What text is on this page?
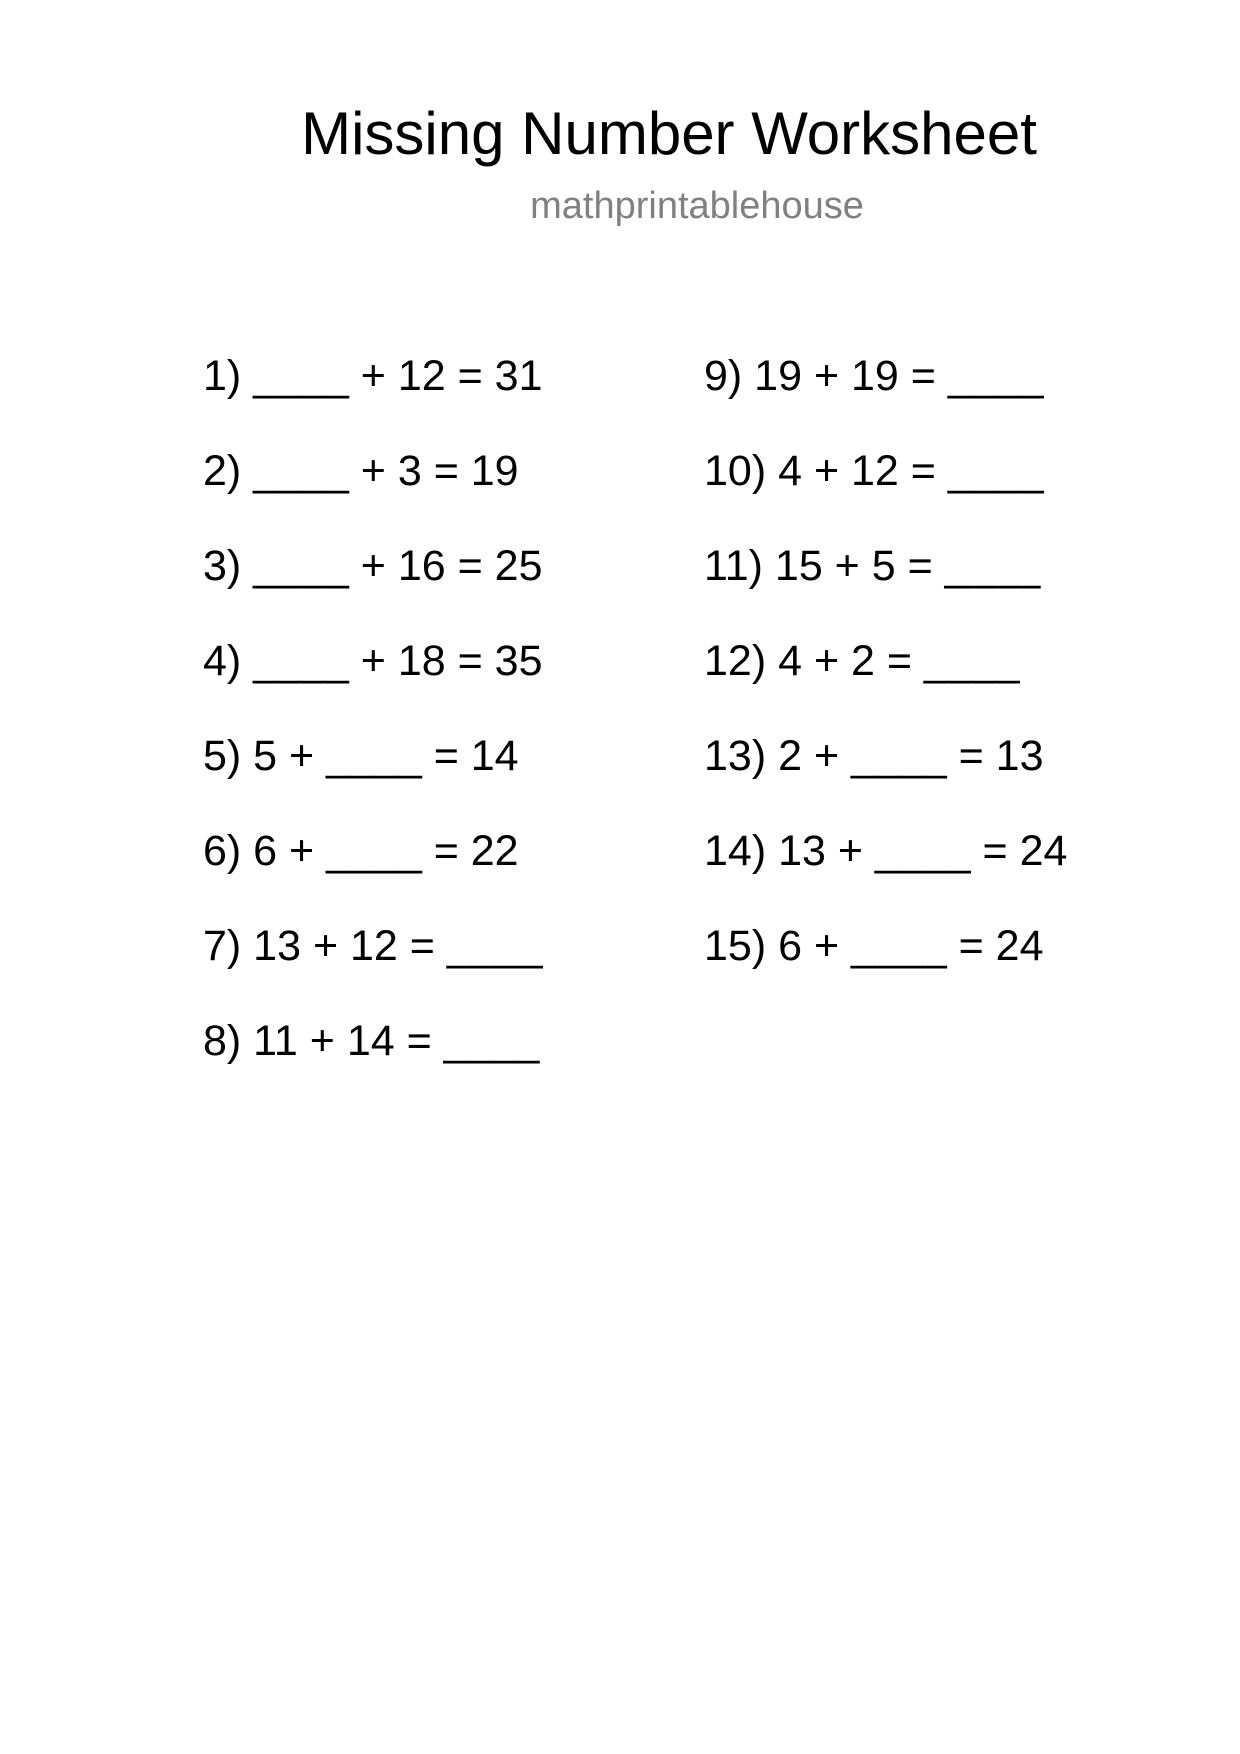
Missing Number Worksheet
mathprintablehouse
1) ____ + 12 = 31
2) ____ + 3 = 19
3) ____ + 16 = 25
4) ____ + 18 = 35
5) 5 + ____ = 14
6) 6 + ____ = 22
7) 13 + 12 = ____
8) 11 + 14 = ____
9) 19 + 19 = ____
10) 4 + 12 = ____
11) 15 + 5 = ____
12) 4 + 2 = ____
13) 2 + ____ = 13
14) 13 + ____ = 24
15) 6 + ____ = 24
